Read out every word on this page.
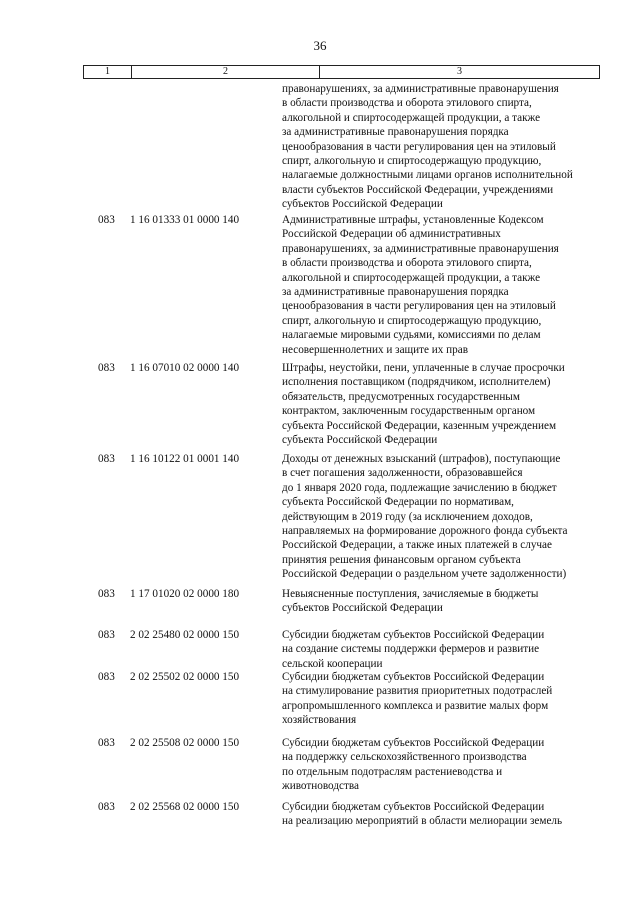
36
1	2	3
правонарушениях, за административные правонарушения
в области производства и оборота этилового спирта,
алкогольной и спиртосодержащей продукции, а также
за административные правонарушения порядка
ценообразования в части регулирования цен на этиловый
спирт, алкогольную и спиртосодержащую продукцию,
налагаемые должностными лицами органов исполнительной
власти субъектов Российской Федерации, учреждениями
субъектов Российской Федерации
083	1 16 01333 01 0000 140	Административные штрафы, установленные Кодексом
Российской Федерации об административных
правонарушениях, за административные правонарушения
в области производства и оборота этилового спирта,
алкогольной и спиртосодержащей продукции, а также
за административные правонарушения порядка
ценообразования в части регулирования цен на этиловый
спирт, алкогольную и спиртосодержащую продукцию,
налагаемые мировыми судьями, комиссиями по делам
несовершеннолетних и защите их прав
083	1 16 07010 02 0000 140	Штрафы, неустойки, пени, уплаченные в случае просрочки
исполнения поставщиком (подрядчиком, исполнителем)
обязательств, предусмотренных государственным
контрактом, заключенным государственным органом
субъекта Российской Федерации, казенным учреждением
субъекта Российской Федерации
083	1 16 10122 01 0001 140	Доходы от денежных взысканий (штрафов), поступающие
в счет погашения задолженности, образовавшейся
до 1 января 2020 года, подлежащие зачислению в бюджет
субъекта Российской Федерации по нормативам,
действующим в 2019 году (за исключением доходов,
направляемых на формирование дорожного фонда субъекта
Российской Федерации, а также иных платежей в случае
принятия решения финансовым органом субъекта
Российской Федерации о раздельном учете задолженности)
083	1 17 01020 02 0000 180	Невыясненные поступления, зачисляемые в бюджеты
субъектов Российской Федерации
083	2 02 25480 02 0000 150	Субсидии бюджетам субъектов Российской Федерации
на создание системы поддержки фермеров и развитие
сельской кооперации
083	2 02 25502 02 0000 150	Субсидии бюджетам субъектов Российской Федерации
на стимулирование развития приоритетных подотраслей
агропромышленного комплекса и развитие малых форм
хозяйствования
083	2 02 25508 02 0000 150	Субсидии бюджетам субъектов Российской Федерации
на поддержку сельскохозяйственного производства
по отдельным подотраслям растениеводства и
животноводства
083	2 02 25568 02 0000 150	Субсидии бюджетам субъектов Российской Федерации
на реализацию мероприятий в области мелиорации земель
